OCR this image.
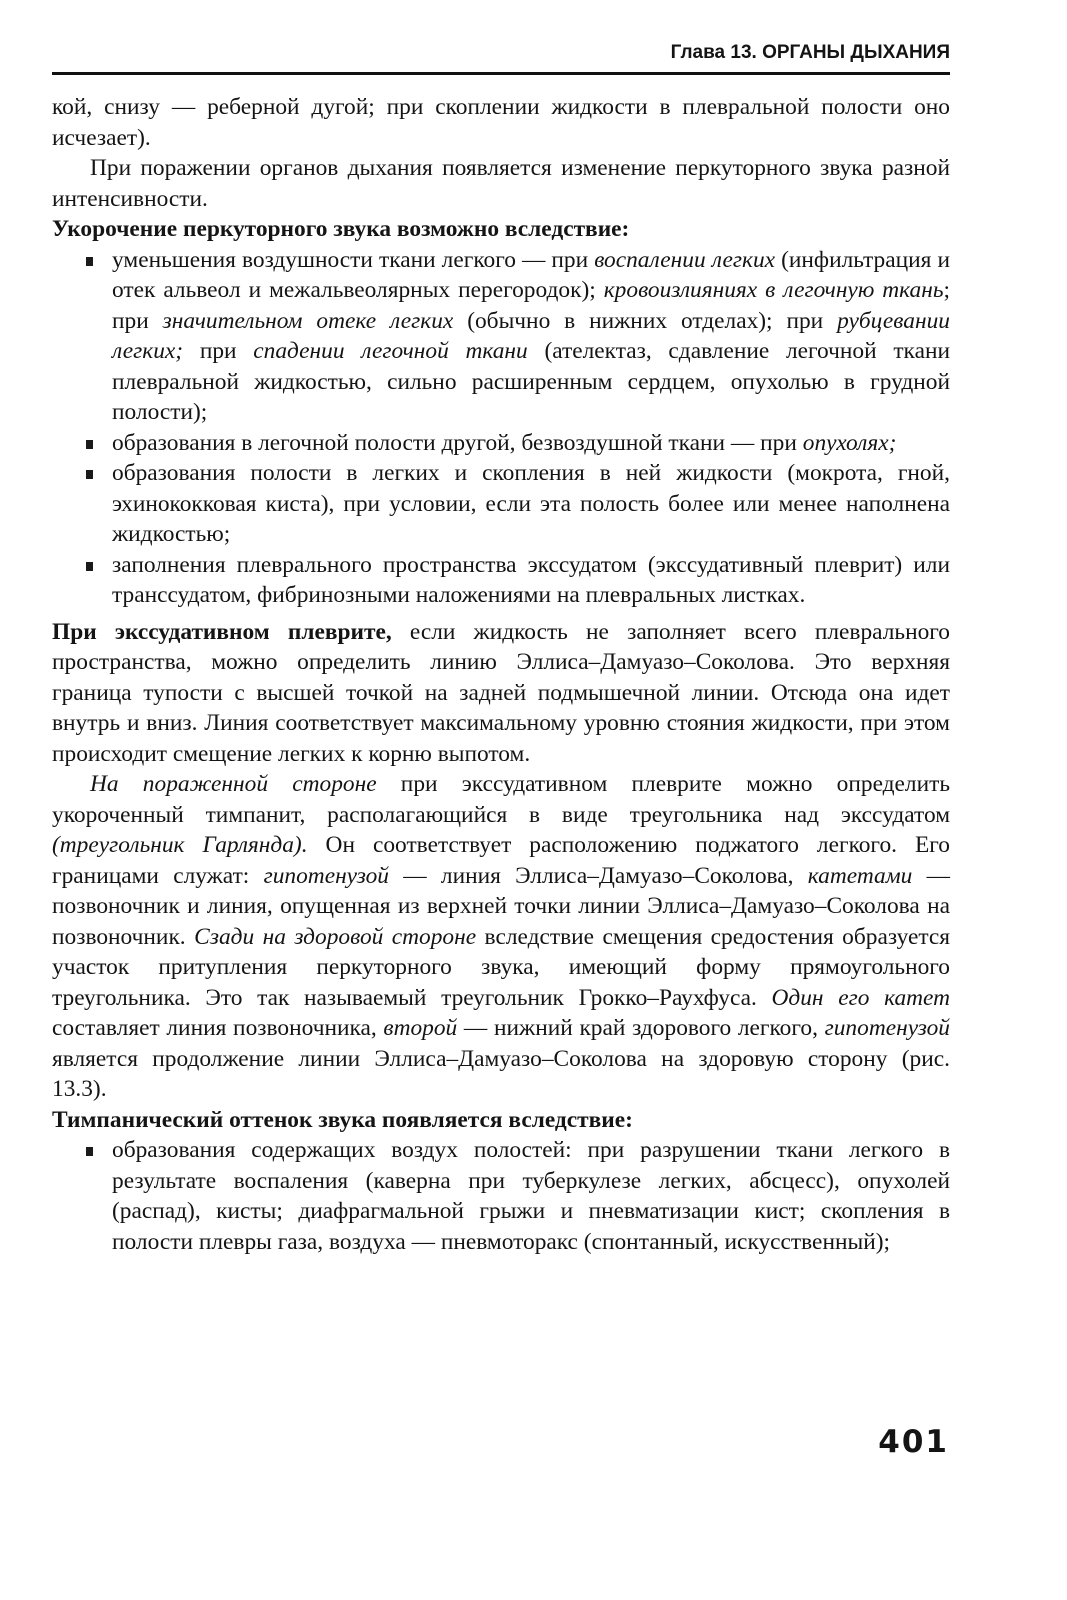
Глава 13. ОРГАНЫ ДЫХАНИЯ

кой, снизу — реберной дугой; при скоплении жидкости в плевральной полости оно исчезает).

При поражении органов дыхания появляется изменение перкуторного звука разной интенсивности.

Укорочение перкуторного звука возможно вследствие:

уменьшения воздушности ткани легкого — при воспалении легких (инфильтрация и отек альвеол и межальвеолярных перегородок); кровоизлияниях в легочную ткань; при значительном отеке легких (обычно в нижних отделах); при рубцевании легких; при спадении легочной ткани (ателектаз, сдавление легочной ткани плевральной жидкостью, сильно расширенным сердцем, опухолью в грудной полости);
образования в легочной полости другой, безвоздушной ткани — при опухолях;
образования полости в легких и скопления в ней жидкости (мокрота, гной, эхинококковая киста), при условии, если эта полость более или менее наполнена жидкостью;
заполнения плеврального пространства экссудатом (экссудативный плеврит) или транссудатом, фибринозными наложениями на плевральных листках.

При экссудативном плеврите, если жидкость не заполняет всего плеврального пространства, можно определить линию Эллиса–Дамуазо–Соколова. Это верхняя граница тупости с высшей точкой на задней подмышечной линии. Отсюда она идет внутрь и вниз. Линия соответствует максимальному уровню стояния жидкости, при этом происходит смещение легких к корню выпотом.

На пораженной стороне при экссудативном плеврите можно определить укороченный тимпанит, располагающийся в виде треугольника над экссудатом (треугольник Гарлянда). Он соответствует расположению поджатого легкого. Его границами служат: гипотенузой — линия Эллиса–Дамуазо–Соколова, катетами — позвоночник и линия, опущенная из верхней точки линии Эллиса–Дамуазо–Соколова на позвоночник. Сзади на здоровой стороне вследствие смещения средостения образуется участок притупления перкуторного звука, имеющий форму прямоугольного треугольника. Это так называемый треугольник Грокко–Раухфуса. Один его катет составляет линия позвоночника, второй — нижний край здорового легкого, гипотенузой является продолжение линии Эллиса–Дамуазо–Соколова на здоровую сторону (рис. 13.3).

Тимпанический оттенок звука появляется вследствие:

образования содержащих воздух полостей: при разрушении ткани легкого в результате воспаления (каверна при туберкулезе легких, абсцесс), опухолей (распад), кисты; диафрагмальной грыжи и пневматизации кист; скопления в полости плевры газа, воздуха — пневмоторакс (спонтанный, искусственный);
401
